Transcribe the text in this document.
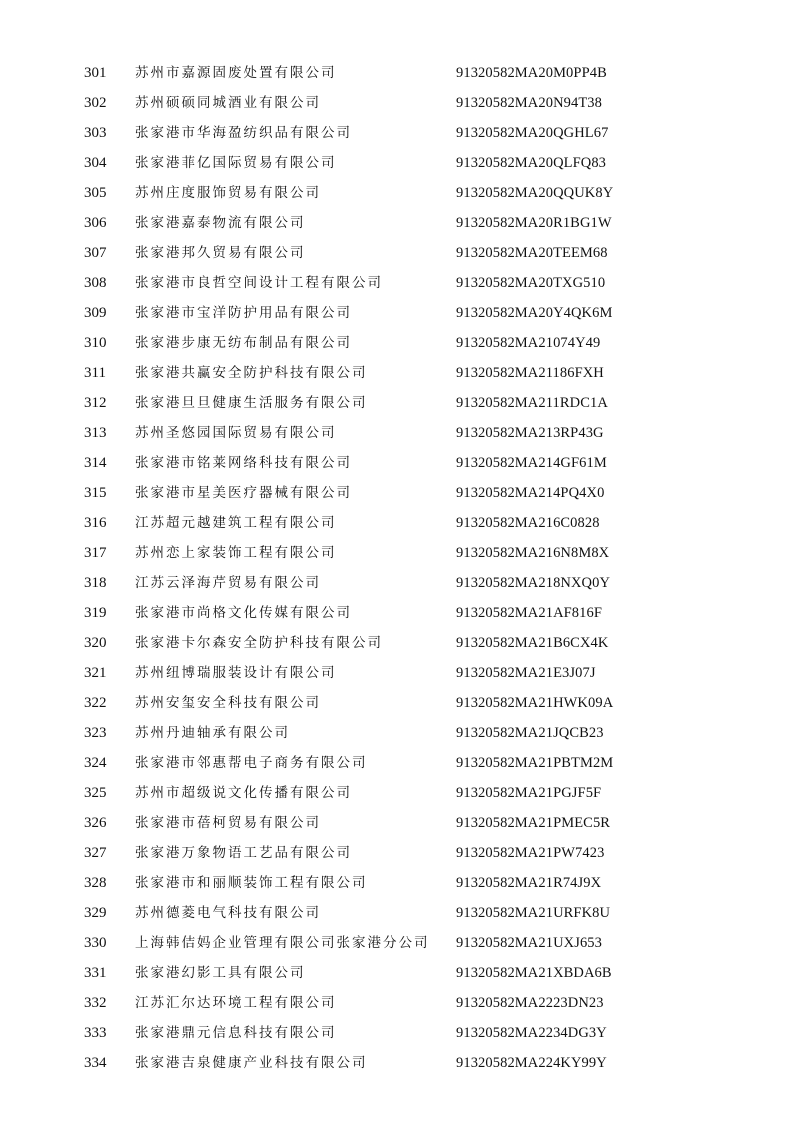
301	苏州市嘉源固废处置有限公司	91320582MA20M0PP4B
302	苏州硕硕同城酒业有限公司	91320582MA20N94T38
303	张家港市华海盈纺织品有限公司	91320582MA20QGHL67
304	张家港菲亿国际贸易有限公司	91320582MA20QLFQ83
305	苏州庄度服饰贸易有限公司	91320582MA20QQUK8Y
306	张家港嘉泰物流有限公司	91320582MA20R1BG1W
307	张家港邦久贸易有限公司	91320582MA20TEEM68
308	张家港市良哲空间设计工程有限公司	91320582MA20TXG510
309	张家港市宝洋防护用品有限公司	91320582MA20Y4QK6M
310	张家港步康无纺布制品有限公司	91320582MA21074Y49
311	张家港共赢安全防护科技有限公司	91320582MA21186FXH
312	张家港旦旦健康生活服务有限公司	91320582MA211RDC1A
313	苏州圣悠园国际贸易有限公司	91320582MA213RP43G
314	张家港市铭莱网络科技有限公司	91320582MA214GF61M
315	张家港市星美医疗器械有限公司	91320582MA214PQ4X0
316	江苏超元越建筑工程有限公司	91320582MA216C0828
317	苏州恋上家装饰工程有限公司	91320582MA216N8M8X
318	江苏云泽海芹贸易有限公司	91320582MA218NXQ0Y
319	张家港市尚格文化传媒有限公司	91320582MA21AF816F
320	张家港卡尔森安全防护科技有限公司	91320582MA21B6CX4K
321	苏州纽博瑞服装设计有限公司	91320582MA21E3J07J
322	苏州安玺安全科技有限公司	91320582MA21HWK09A
323	苏州丹迪轴承有限公司	91320582MA21JQCB23
324	张家港市邻惠帮电子商务有限公司	91320582MA21PBTM2M
325	苏州市超级说文化传播有限公司	91320582MA21PGJF5F
326	张家港市蓓柯贸易有限公司	91320582MA21PMEC5R
327	张家港万象物语工艺品有限公司	91320582MA21PW7423
328	张家港市和丽顺装饰工程有限公司	91320582MA21R74J9X
329	苏州德菱电气科技有限公司	91320582MA21URFK8U
330	上海韩佶妈企业管理有限公司张家港分公司	91320582MA21UXJ653
331	张家港幻影工具有限公司	91320582MA21XBDA6B
332	江苏汇尔达环境工程有限公司	91320582MA2223DN23
333	张家港鼎元信息科技有限公司	91320582MA2234DG3Y
334	张家港吉泉健康产业科技有限公司	91320582MA224KY99Y
